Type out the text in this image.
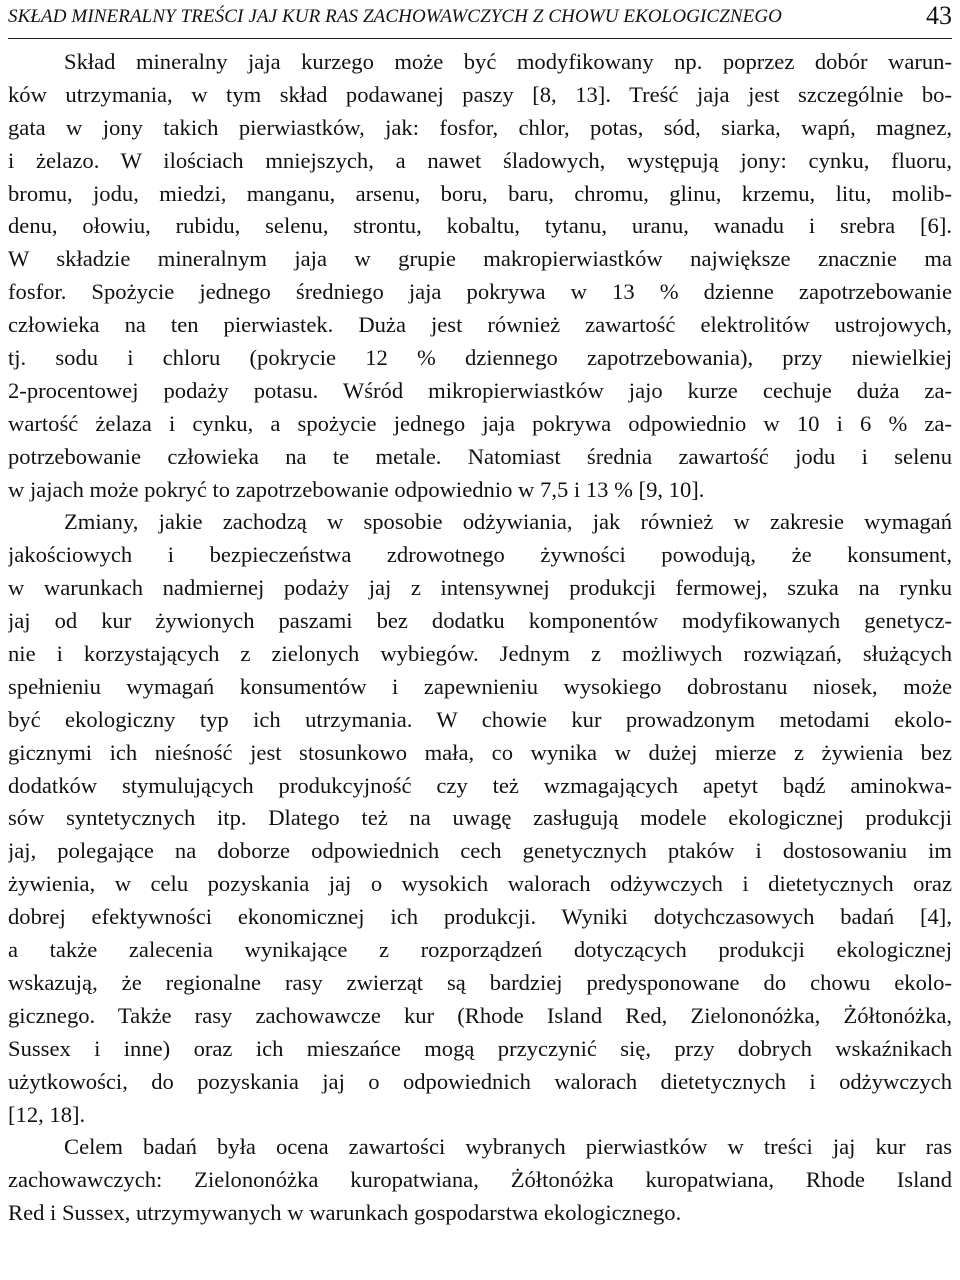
SKŁAD MINERALNY TREŚCI JAJ KUR RAS ZACHOWAWCZYCH Z CHOWU EKOLOGICZNEGO	43
Skład mineralny jaja kurzego może być modyfikowany np. poprzez dobór warun-
ków utrzymania, w tym skład podawanej paszy [8, 13]. Treść jaja jest szczególnie bo-
gata w jony takich pierwiastków, jak: fosfor, chlor, potas, sód, siarka, wapń, magnez,
i żelazo. W ilościach mniejszych, a nawet śladowych, występują jony: cynku, fluoru,
bromu, jodu, miedzi, manganu, arsenu, boru, baru, chromu, glinu, krzemu, litu, molib-
denu, ołowiu, rubidu, selenu, strontu, kobaltu, tytanu, uranu, wanadu i srebra [6].
W składzie mineralnym jaja w grupie makropierwiastków największe znacznie ma
fosfor. Spożycie jednego średniego jaja pokrywa w 13 % dzienne zapotrzebowanie
człowieka na ten pierwiastek. Duża jest również zawartość elektrolitów ustrojowych,
tj. sodu i chloru (pokrycie 12 % dziennego zapotrzebowania), przy niewielkiej
2-procentowej podaży potasu. Wśród mikropierwiastków jajo kurze cechuje duża za-
wartość żelaza i cynku, a spożycie jednego jaja pokrywa odpowiednio w 10 i 6 % za-
potrzebowanie człowieka na te metale. Natomiast średnia zawartość jodu i selenu
w jajach może pokryć to zapotrzebowanie odpowiednio w 7,5 i 13 % [9, 10].
Zmiany, jakie zachodzą w sposobie odżywiania, jak również w zakresie wymagań
jakościowych i bezpieczeństwa zdrowotnego żywności powodują, że konsument,
w warunkach nadmiernej podaży jaj z intensywnej produkcji fermowej, szuka na rynku
jaj od kur żywionych paszami bez dodatku komponentów modyfikowanych genetycz-
nie i korzystających z zielonych wybiegów. Jednym z możliwych rozwiązań, służących
spełnieniu wymagań konsumentów i zapewnieniu wysokiego dobrostanu niosek, może
być ekologiczny typ ich utrzymania. W chowie kur prowadzonym metodami ekolo-
gicznymi ich nieśność jest stosunkowo mała, co wynika w dużej mierze z żywienia bez
dodatków stymulujących produkcyjność czy też wzmagających apetyt bądź aminokwa-
sów syntetycznych itp. Dlatego też na uwagę zasługują modele ekologicznej produkcji
jaj, polegające na doborze odpowiednich cech genetycznych ptaków i dostosowaniu im
żywienia, w celu pozyskania jaj o wysokich walorach odżywczych i dietetycznych oraz
dobrej efektywności ekonomicznej ich produkcji. Wyniki dotychczasowych badań [4],
a także zalecenia wynikające z rozporządzeń dotyczących produkcji ekologicznej
wskazują, że regionalne rasy zwierząt są bardziej predysponowane do chowu ekolo-
gicznego. Także rasy zachowawcze kur (Rhode Island Red, Zielononóżka, Żółtonóżka,
Sussex i inne) oraz ich mieszańce mogą przyczynić się, przy dobrych wskaźnikach
użytkowości, do pozyskania jaj o odpowiednich walorach dietetycznych i odżywczych
[12, 18].
Celem badań była ocena zawartości wybranych pierwiastków w treści jaj kur ras
zachowawczych: Zielononóżka kuropatwiana, Żółtonóżka kuropatwiana, Rhode Island
Red i Sussex, utrzymywanych w warunkach gospodarstwa ekologicznego.
